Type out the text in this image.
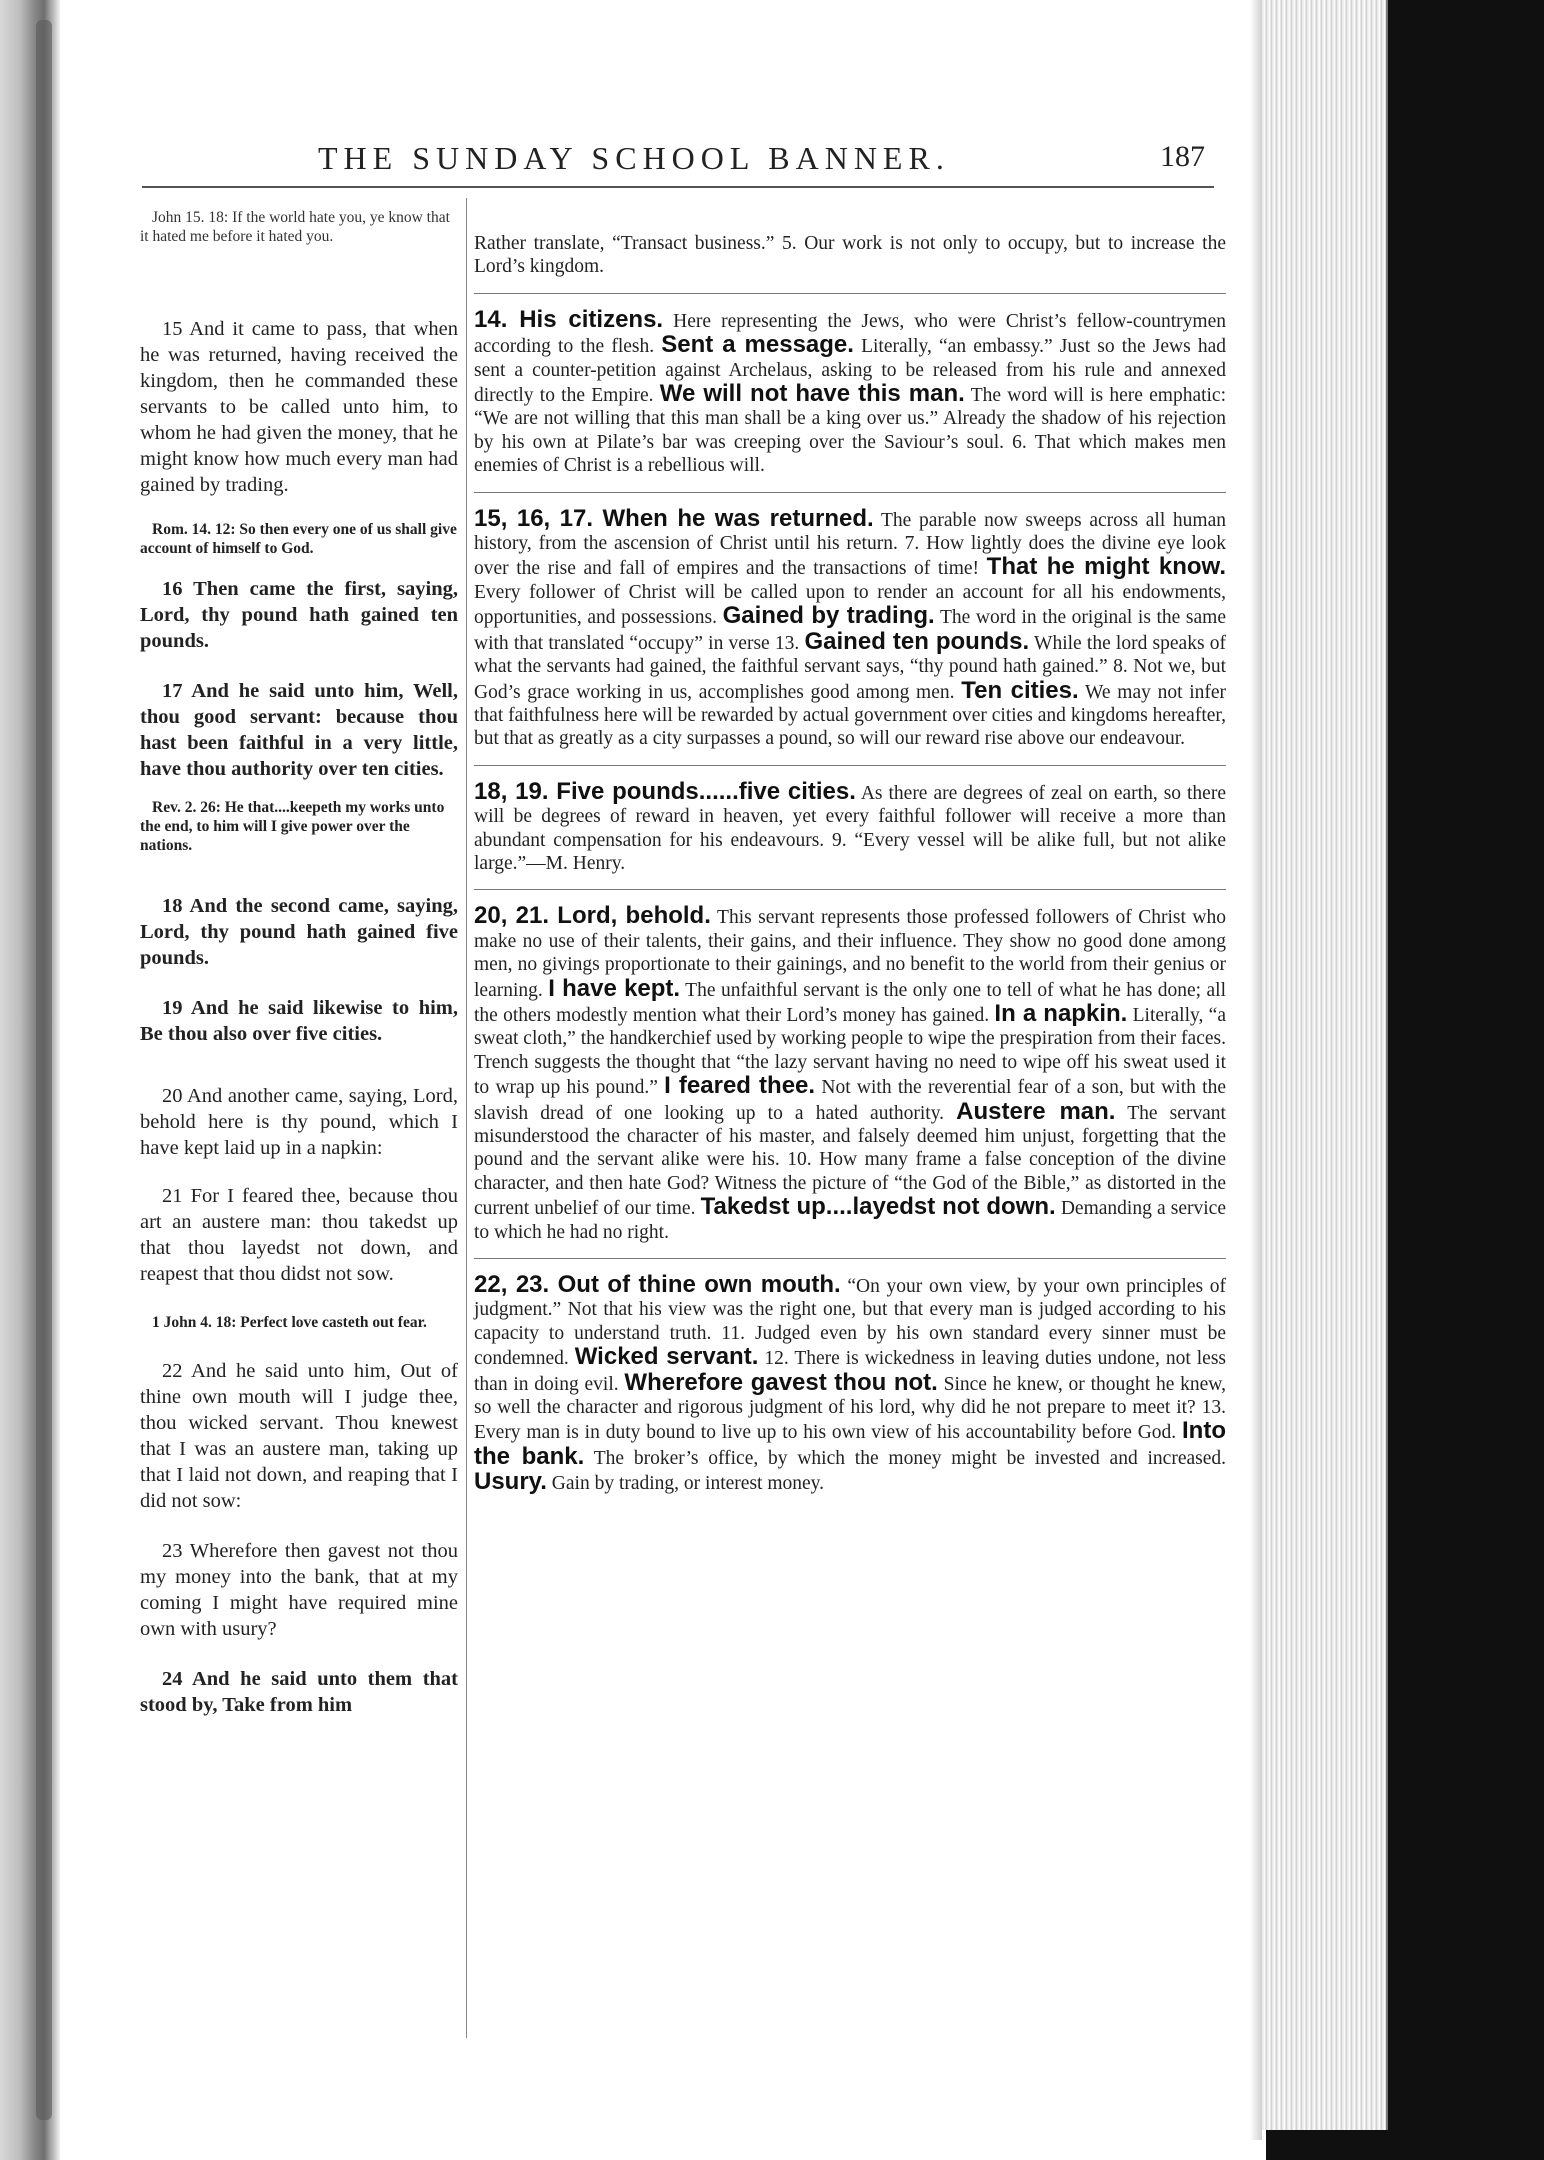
THE SUNDAY SCHOOL BANNER.	187

John 15. 18: If the world hate you, ye know that it hated me before it hated you.

15 And it came to pass, that when he was returned, having received the kingdom, then he commanded these servants to be called unto him, to whom he had given the money, that he might know how much every man had gained by trading.

Rom. 14. 12: So then every one of us shall give account of himself to God.

16 Then came the first, saying, Lord, thy pound hath gained ten pounds.

17 And he said unto him, Well, thou good servant: because thou hast been faithful in a very little, have thou authority over ten cities.

Rev. 2. 26: He that....keepeth my works unto the end, to him will I give power over the nations.

18 And the second came, saying, Lord, thy pound hath gained five pounds.

19 And he said likewise to him, Be thou also over five cities.

20 And another came, saying, Lord, behold here is thy pound, which I have kept laid up in a napkin:

21 For I feared thee, because thou art an austere man: thou takedst up that thou layedst not down, and reapest that thou didst not sow.

1 John 4. 18: Perfect love casteth out fear.

22 And he said unto him, Out of thine own mouth will I judge thee, thou wicked servant. Thou knewest that I was an austere man, taking up that I laid not down, and reaping that I did not sow:

23 Wherefore then gavest not thou my money into the bank, that at my coming I might have required mine own with usury?

24 And he said unto them that stood by, Take from him

Rather translate, “Transact business.” 5. Our work is not only to occupy, but to increase the Lord’s kingdom.

14. His citizens. Here representing the Jews, who were Christ’s fellow-countrymen according to the flesh. Sent a message. Literally, “an embassy.” Just so the Jews had sent a counter-petition against Archelaus, asking to be released from his rule and annexed directly to the Empire. We will not have this man. The word will is here emphatic: “We are not willing that this man shall be a king over us.” Already the shadow of his rejection by his own at Pilate’s bar was creeping over the Saviour’s soul. 6. That which makes men enemies of Christ is a rebellious will.

15, 16, 17. When he was returned. The parable now sweeps across all human history, from the ascension of Christ until his return. 7. How lightly does the divine eye look over the rise and fall of empires and the transactions of time! That he might know. Every follower of Christ will be called upon to render an account for all his endowments, opportunities, and possessions. Gained by trading. The word in the original is the same with that translated “occupy” in verse 13. Gained ten pounds. While the lord speaks of what the servants had gained, the faithful servant says, “thy pound hath gained.” 8. Not we, but God’s grace working in us, accomplishes good among men. Ten cities. We may not infer that faithfulness here will be rewarded by actual government over cities and kingdoms hereafter, but that as greatly as a city surpasses a pound, so will our reward rise above our endeavour.

18, 19. Five pounds......five cities. As there are degrees of zeal on earth, so there will be degrees of reward in heaven, yet every faithful follower will receive a more than abundant compensation for his endeavours. 9. “Every vessel will be alike full, but not alike large.”—M. Henry.

20, 21. Lord, behold. This servant represents those professed followers of Christ who make no use of their talents, their gains, and their influence. They show no good done among men, no givings proportionate to their gainings, and no benefit to the world from their genius or learning. I have kept. The unfaithful servant is the only one to tell of what he has done; all the others modestly mention what their Lord’s money has gained. In a napkin. Literally, “a sweat cloth,” the handkerchief used by working people to wipe the prespiration from their faces. Trench suggests the thought that “the lazy servant having no need to wipe off his sweat used it to wrap up his pound.” I feared thee. Not with the reverential fear of a son, but with the slavish dread of one looking up to a hated authority. Austere man. The servant misunderstood the character of his master, and falsely deemed him unjust, forgetting that the pound and the servant alike were his. 10. How many frame a false conception of the divine character, and then hate God? Witness the picture of “the God of the Bible,” as distorted in the current unbelief of our time. Takedst up....layedst not down. Demanding a service to which he had no right.

22, 23. Out of thine own mouth. “On your own view, by your own principles of judgment.” Not that his view was the right one, but that every man is judged according to his capacity to understand truth. 11. Judged even by his own standard every sinner must be condemned. Wicked servant. 12. There is wickedness in leaving duties undone, not less than in doing evil. Wherefore gavest thou not. Since he knew, or thought he knew, so well the character and rigorous judgment of his lord, why did he not prepare to meet it? 13. Every man is in duty bound to live up to his own view of his accountability before God. Into the bank. The broker’s office, by which the money might be invested and increased. Usury. Gain by trading, or interest money.
